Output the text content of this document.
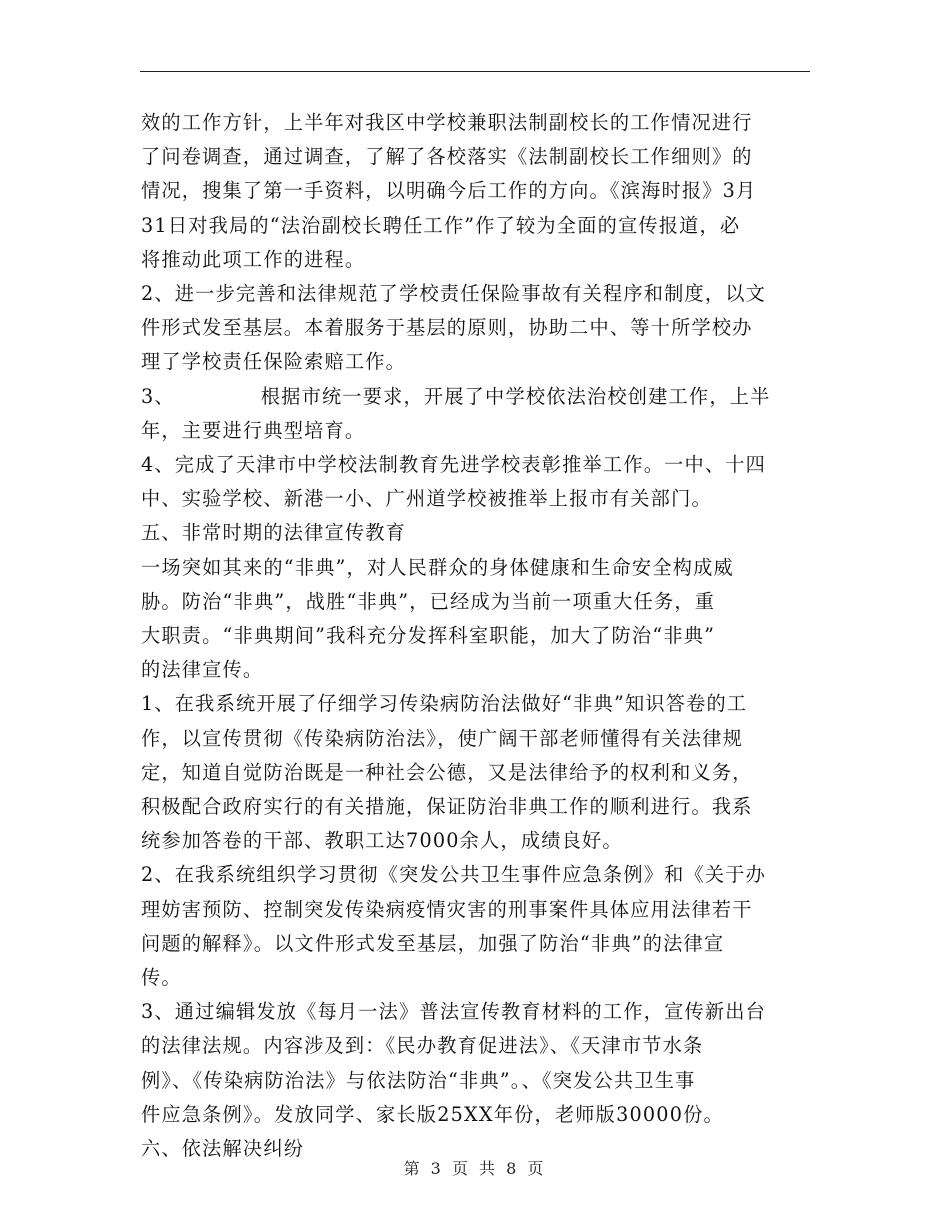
效的工作方针，上半年对我区中学校兼职法制副校长的工作情况进行
了问卷调查，通过调查，了解了各校落实《法制副校长工作细则》的
情况，搜集了第一手资料，以明确今后工作的方向。《滨海时报》3月
31日对我局的“法治副校长聘任工作”作了较为全面的宣传报道，必
将推动此项工作的进程。
2、进一步完善和法律规范了学校责任保险事故有关程序和制度，以文
件形式发至基层。本着服务于基层的原则，协助二中、等十所学校办
理了学校责任保险索赔工作。
3、	根据市统一要求，开展了中学校依法治校创建工作，上半
年，主要进行典型培育。
4、完成了天津市中学校法制教育先进学校表彰推举工作。一中、十四
中、实验学校、新港一小、广州道学校被推举上报市有关部门。
五、非常时期的法律宣传教育
一场突如其来的“非典”，对人民群众的身体健康和生命安全构成威
胁。防治“非典”，战胜“非典”，已经成为当前一项重大任务，重
大职责。“非典期间”我科充分发挥科室职能，加大了防治“非典”
的法律宣传。
1、在我系统开展了仔细学习传染病防治法做好“非典”知识答卷的工
作，以宣传贯彻《传染病防治法》，使广阔干部老师懂得有关法律规
定，知道自觉防治既是一种社会公德，又是法律给予的权利和义务，
积极配合政府实行的有关措施，保证防治非典工作的顺利进行。我系
统参加答卷的干部、教职工达7000余人，成绩良好。
2、在我系统组织学习贯彻《突发公共卫生事件应急条例》和《关于办
理妨害预防、控制突发传染病疫情灾害的刑事案件具体应用法律若干
问题的解释》。以文件形式发至基层，加强了防治“非典”的法律宣
传。
3、通过编辑发放《每月一法》普法宣传教育材料的工作，宣传新出台
的法律法规。内容涉及到：《民办教育促进法》、《天津市节水条
例》、《传染病防治法》与依法防治“非典”。、《突发公共卫生事
件应急条例》。发放同学、家长版25XX年份，老师版30000份。
六、依法解决纠纷
第 3 页 共 8 页
